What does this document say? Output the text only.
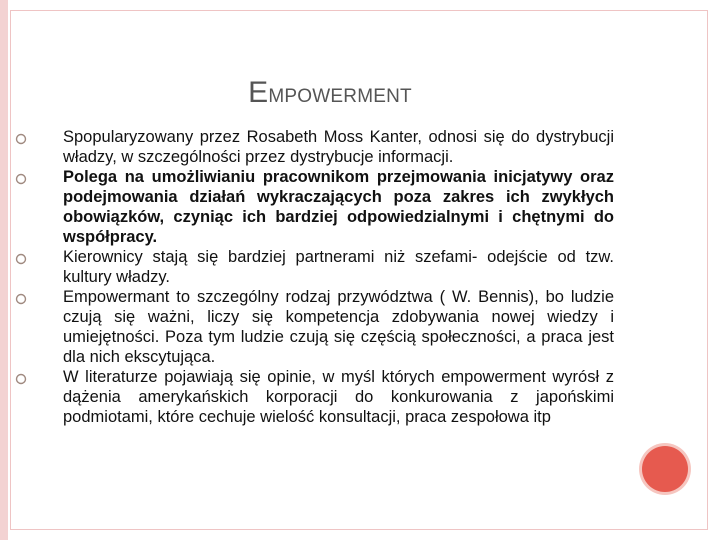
EMPOWERMENT
Spopularyzowany przez Rosabeth Moss Kanter, odnosi się do dystrybucji władzy, w szczególności przez dystrybucje informacji.
Polega na umożliwianiu pracownikom przejmowania inicjatywy oraz podejmowania działań wykraczających poza zakres ich zwykłych obowiązków, czyniąc ich bardziej odpowiedzialnymi i chętnymi do współpracy.
Kierownicy stają się bardziej partnerami niż szefami- odejście od tzw. kultury władzy.
Empowermant to szczególny rodzaj przywództwa ( W. Bennis), bo ludzie czują się ważni, liczy się kompetencja zdobywania nowej wiedzy i umiejętności. Poza tym ludzie czują się częścią społeczności, a praca jest dla nich ekscytująca.
W literaturze pojawiają się opinie, w myśl których empowerment wyrósł z dążenia amerykańskich korporacji do konkurowania z japońskimi podmiotami, które cechuje wielość konsultacji, praca zespołowa itp
